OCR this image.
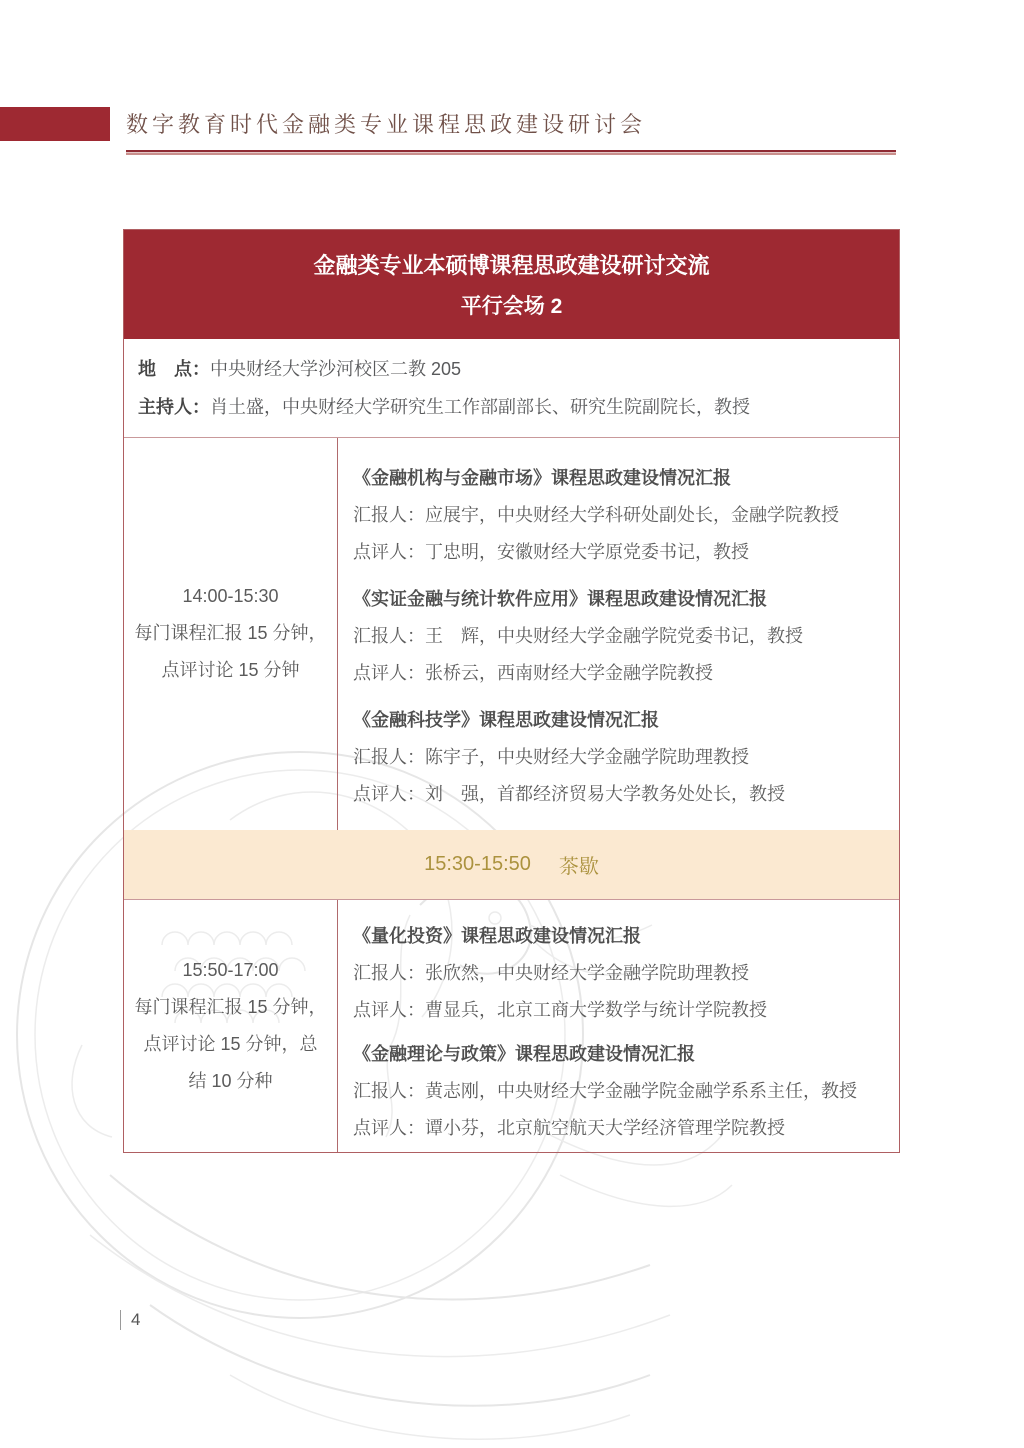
数字教育时代金融类专业课程思政建设研讨会
金融类专业本硕博课程思政建设研讨交流
平行会场 2
地　点：中央财经大学沙河校区二教 205
主持人：肖土盛，中央财经大学研究生工作部副部长、研究生院副院长，教授
14:00-15:30
每门课程汇报 15 分钟，
点评讨论 15 分钟

《金融机构与金融市场》课程思政建设情况汇报

汇报人：应展宇，中央财经大学科研处副处长，金融学院教授

点评人：丁忠明，安徽财经大学原党委书记，教授

《实证金融与统计软件应用》课程思政建设情况汇报

汇报人：王　辉，中央财经大学金融学院党委书记，教授

点评人：张桥云，西南财经大学金融学院教授

《金融科技学》课程思政建设情况汇报

汇报人：陈宇子，中央财经大学金融学院助理教授

点评人：刘　强，首都经济贸易大学教务处处长，教授

15:30-15:50 茶歇
15:50-17:00
每门课程汇报 15 分钟，
点评讨论 15 分钟，总
结 10 分种

《量化投资》课程思政建设情况汇报

汇报人：张欣然，中央财经大学金融学院助理教授

点评人：曹显兵，北京工商大学数学与统计学院教授

《金融理论与政策》课程思政建设情况汇报

汇报人：黄志刚，中央财经大学金融学院金融学系系主任，教授

点评人：谭小芬，北京航空航天大学经济管理学院教授

4
